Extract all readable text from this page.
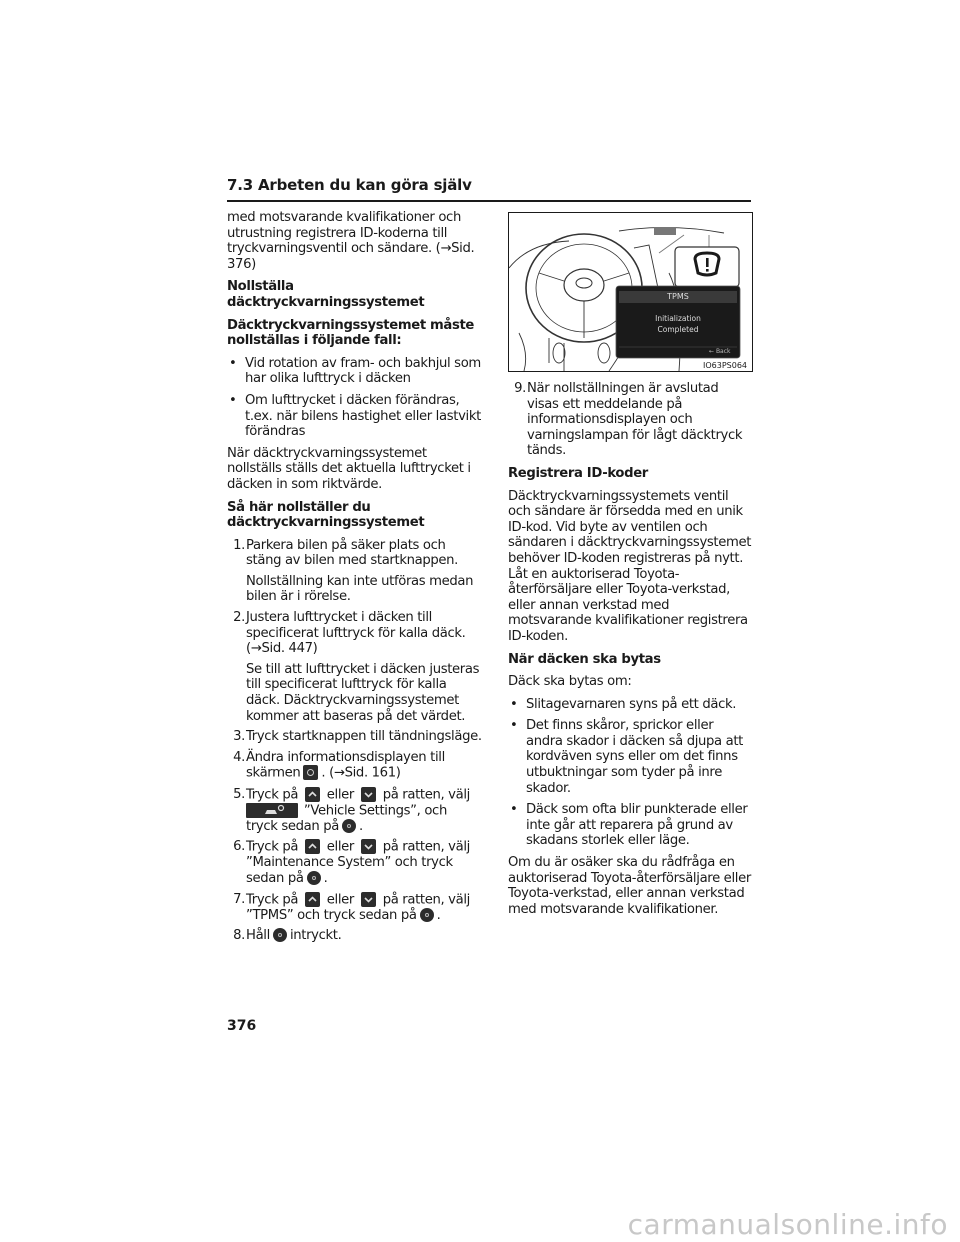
7.3 Arbeten du kan göra själv

med motsvarande kvalifikationer och utrustning registrera ID-koderna till tryckvarningsventil och sändare. (→Sid. 376)

Nollställa däcktryckvarningssystemet
Däcktryckvarningssystemet måste nollställas i följande fall:
• Vid rotation av fram- och bakhjul som har olika lufttryck i däcken
• Om lufttrycket i däcken förändras, t.ex. när bilens hastighet eller lastvikt förändras

När däcktryckvarningssystemet nollställs ställs det aktuella lufttrycket i däcken in som riktvärde.

Så här nollställer du däcktryckvarningssystemet
1. Parkera bilen på säker plats och stäng av bilen med startknappen.

Nollställning kan inte utföras medan bilen är i rörelse.

2. Justera lufttrycket i däcken till specificerat lufttryck för kalla däck. (→Sid. 447)

Se till att lufttrycket i däcken justeras till specificerat lufttryck för kalla däck. Däcktryckvarningssystemet kommer att baseras på det värdet.

3. Tryck startknappen till tändningsläge.
4. Ändra informationsdisplayen till skärmen . (→Sid. 161)
5. Tryck på eller på ratten, välj
”Vehicle Settings”, och tryck sedan på .
6. Tryck på eller på ratten, välj ”Maintenance System” och tryck sedan på .
7. Tryck på eller på ratten, välj ”TPMS” och tryck sedan på .
8. Håll intryckt.
TPMS
Initialization
Completed
← Back
IO63PS064
9. När nollställningen är avslutad visas ett meddelande på informationsdisplayen och varningslampan för lågt däcktryck tänds.
Registrera ID-koder

Däcktryckvarningssystemets ventil och sändare är försedda med en unik ID-kod. Vid byte av ventilen och sändaren i däcktryckvarningssystemet behöver ID-koden registreras på nytt. Låt en auktoriserad Toyota-återförsäljare eller Toyota-verkstad, eller annan verkstad med motsvarande kvalifikationer registrera ID-koden.

När däcken ska bytas

Däck ska bytas om:

• Slitagevarnaren syns på ett däck.
• Det finns skåror, sprickor eller andra skador i däcken så djupa att kordväven syns eller om det finns utbuktningar som tyder på inre skador.
• Däck som ofta blir punkterade eller inte går att reparera på grund av skadans storlek eller läge.

Om du är osäker ska du rådfråga en auktoriserad Toyota-återförsäljare eller Toyota-verkstad, eller annan verkstad med motsvarande kvalifikationer.

376
carmanualsonline.info
